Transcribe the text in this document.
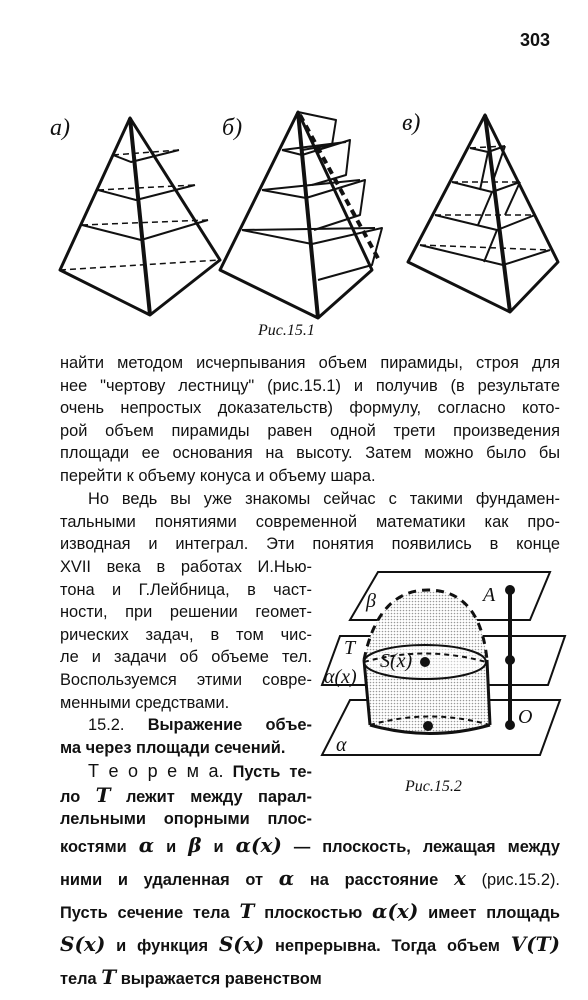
303
а)	б)	в)
Рис.15.1
найти методом исчерпывания объем пирамиды, строя для
нее "чертову лестницу" (рис.15.1) и получив (в результате
очень непростых доказательств) формулу, согласно кото-
рой объем пирамиды равен одной трети произведения
площади ее основания на высоту. Затем можно было бы
перейти к объему конуса и объему шара.
Но ведь вы уже знакомы сейчас с такими фундамен-
тальными понятиями современной математики как про-
изводная и интеграл. Эти понятия появились в конце
XVII века в работах И.Нью-
тона и Г.Лейбница, в част-
ности, при решении геомет-
рических задач, в том чис-
ле и задачи об объеме тел.
Воспользуемся этими совре-
менными средствами.
15.2. Выражение объе-
ма через площади сечений.
Т е о р е м а. Пусть те-
ло T лежит между парал-
лельными опорными плос-
костями α и β и α(x) — плоскость, лежащая между
ними и удаленная от α на расстояние x (рис.15.2).
Пусть сечение тела T плоскостью α(x) имеет площадь
S(x) и функция S(x) непрерывна. Тогда объем V(T)
тела T выражается равенством
β	A
T
S(x)
α(x)
O
α
Рис.15.2
